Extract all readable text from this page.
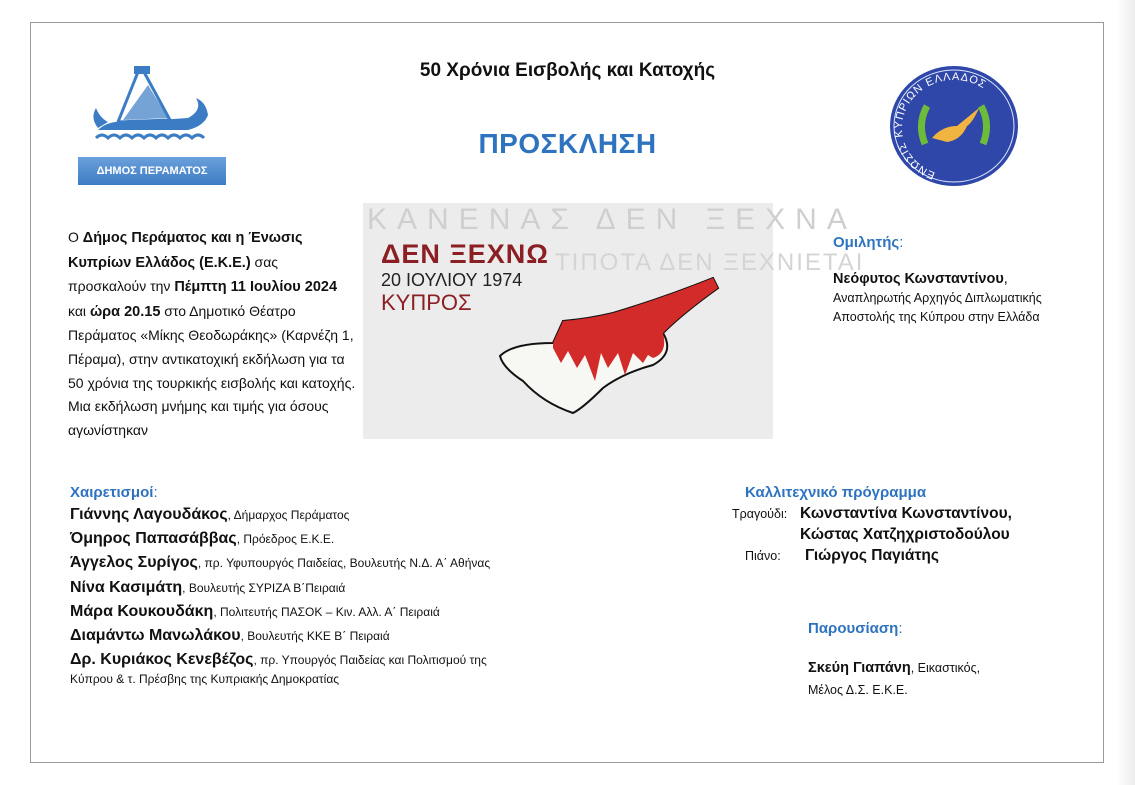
ΔΗΜΟΣ ΠΕΡΑΜΑΤΟΣ	ΕΝΩΣΙΣ ΚΥΠΡΙΩΝ ΕΛΛΑΔΟΣ
50 Χρόνια Εισβολής και Κατοχής
ΠΡΟΣΚΛΗΣΗ
Ο Δήμος Περάματος και η Ένωσις Κυπρίων Ελλάδος (Ε.Κ.Ε.) σας προσκαλούν την Πέμπτη 11 Ιουλίου 2024 και ώρα 20.15 στο Δημοτικό Θέατρο Περάματος «Μίκης Θεοδωράκης» (Καρνέζη 1, Πέραμα), στην αντικατοχική εκδήλωση για τα 50 χρόνια της τουρκικής εισβολής και κατοχής. Μια εκδήλωση μνήμης και τιμής για όσους αγωνίστηκαν
ΚΑΝΕΝΑΣ ΔΕΝ ΞΕΧΝΑ
ΤΙΠΟΤΑ ΔΕΝ ΞΕΧΝΙΕΤΑΙ
ΔΕΝ ΞΕΧΝΩ
20 ΙΟΥΛΙΟΥ 1974
ΚΥΠΡΟΣ
Ομιλητής:
Νεόφυτος Κωνσταντίνου,
Αναπληρωτής Αρχηγός Διπλωματικής
Αποστολής της Κύπρου στην Ελλάδα
Χαιρετισμοί:
Γιάννης Λαγουδάκος, Δήμαρχος Περάματος
Όμηρος Παπασάββας, Πρόεδρος Ε.Κ.Ε.
Άγγελος Συρίγος, πρ. Υφυπουργός Παιδείας, Βουλευτής Ν.Δ. Α΄ Αθήνας
Νίνα Κασιμάτη, Βουλευτής ΣΥΡΙΖΑ Β΄Πειραιά
Μάρα Κουκουδάκη, Πολιτευτής ΠΑΣΟΚ – Κιν. Αλλ. Α΄ Πειραιά
Διαμάντω Μανωλάκου, Βουλευτής ΚΚΕ Β΄ Πειραιά
Δρ. Κυριάκος Κενεβέζος, πρ. Υπουργός Παιδείας και Πολιτισμού της
Κύπρου & τ. Πρέσβης της Κυπριακής Δημοκρατίας
Καλλιτεχνικό πρόγραμμα
Τραγούδι: Κωνσταντίνα Κωνσταντίνου,
Κώστας Χατζηχριστοδούλου
Πιάνο: Γιώργος Παγιάτης
Παρουσίαση:
Σκεύη Γιαπάνη, Εικαστικός,
Μέλος Δ.Σ. Ε.Κ.Ε.
